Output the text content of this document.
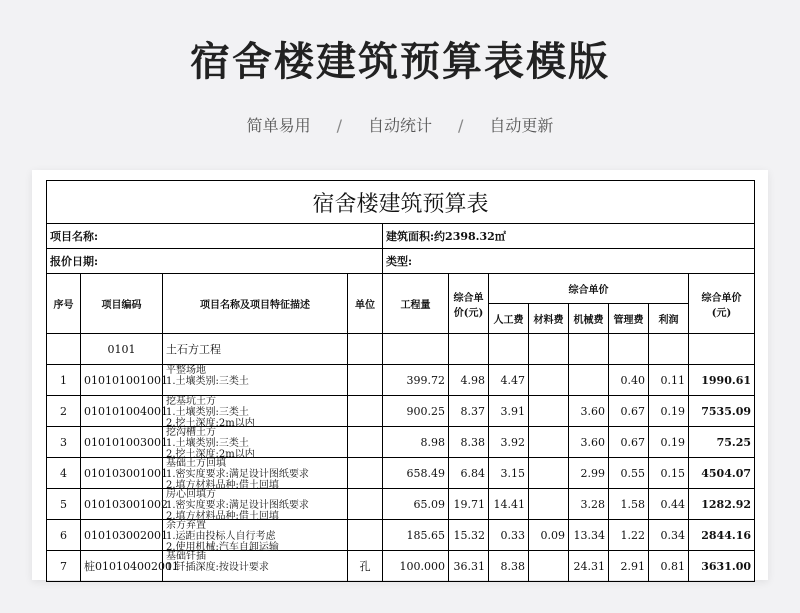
宿舍楼建筑预算表模版
简单易用 / 自动统计 / 自动更新
宿舍楼建筑预算表											
项目名称:				建筑面积:约2398.32㎡							
报价日期:				类型:							
序号	项目编码	项目名称及项目特征描述	单位	工程量	综合单价(元)	综合单价					综合单价(元)
						人工费	材料费	机械费	管理费	利润	
	0101	土石方工程									
1	010101001001	平整场地
1.土壤类别:三类土		399.72	4.98	4.47			0.40	0.11	1990.61
2	010101004001	挖基坑土方
1.土壤类别:三类土
2.挖土深度:2m以内		900.25	8.37	3.91		3.60	0.67	0.19	7535.09
3	010101003001	挖沟槽土方
1.土壤类别:三类土
2.挖土深度:2m以内		8.98	8.38	3.92		3.60	0.67	0.19	75.25
4	010103001001	基础土方回填
1.密实度要求:满足设计图纸要求
2.填方材料品种:借土回填		658.49	6.84	3.15		2.99	0.55	0.15	4504.07
5	010103001002	房心回填方
1.密实度要求:满足设计图纸要求
2.填方材料品种:借土回填		65.09	19.71	14.41		3.28	1.58	0.44	1282.92
6	010103002001	余方弃置
1.运距由投标人自行考虑
2.使用机械:汽车自卸运输		185.65	15.32	0.33	0.09	13.34	1.22	0.34	2844.16
7	桩010104002001	基础钎插
1.钎插深度:按设计要求	孔	100.000	36.31	8.38		24.31	2.91	0.81	3631.00
